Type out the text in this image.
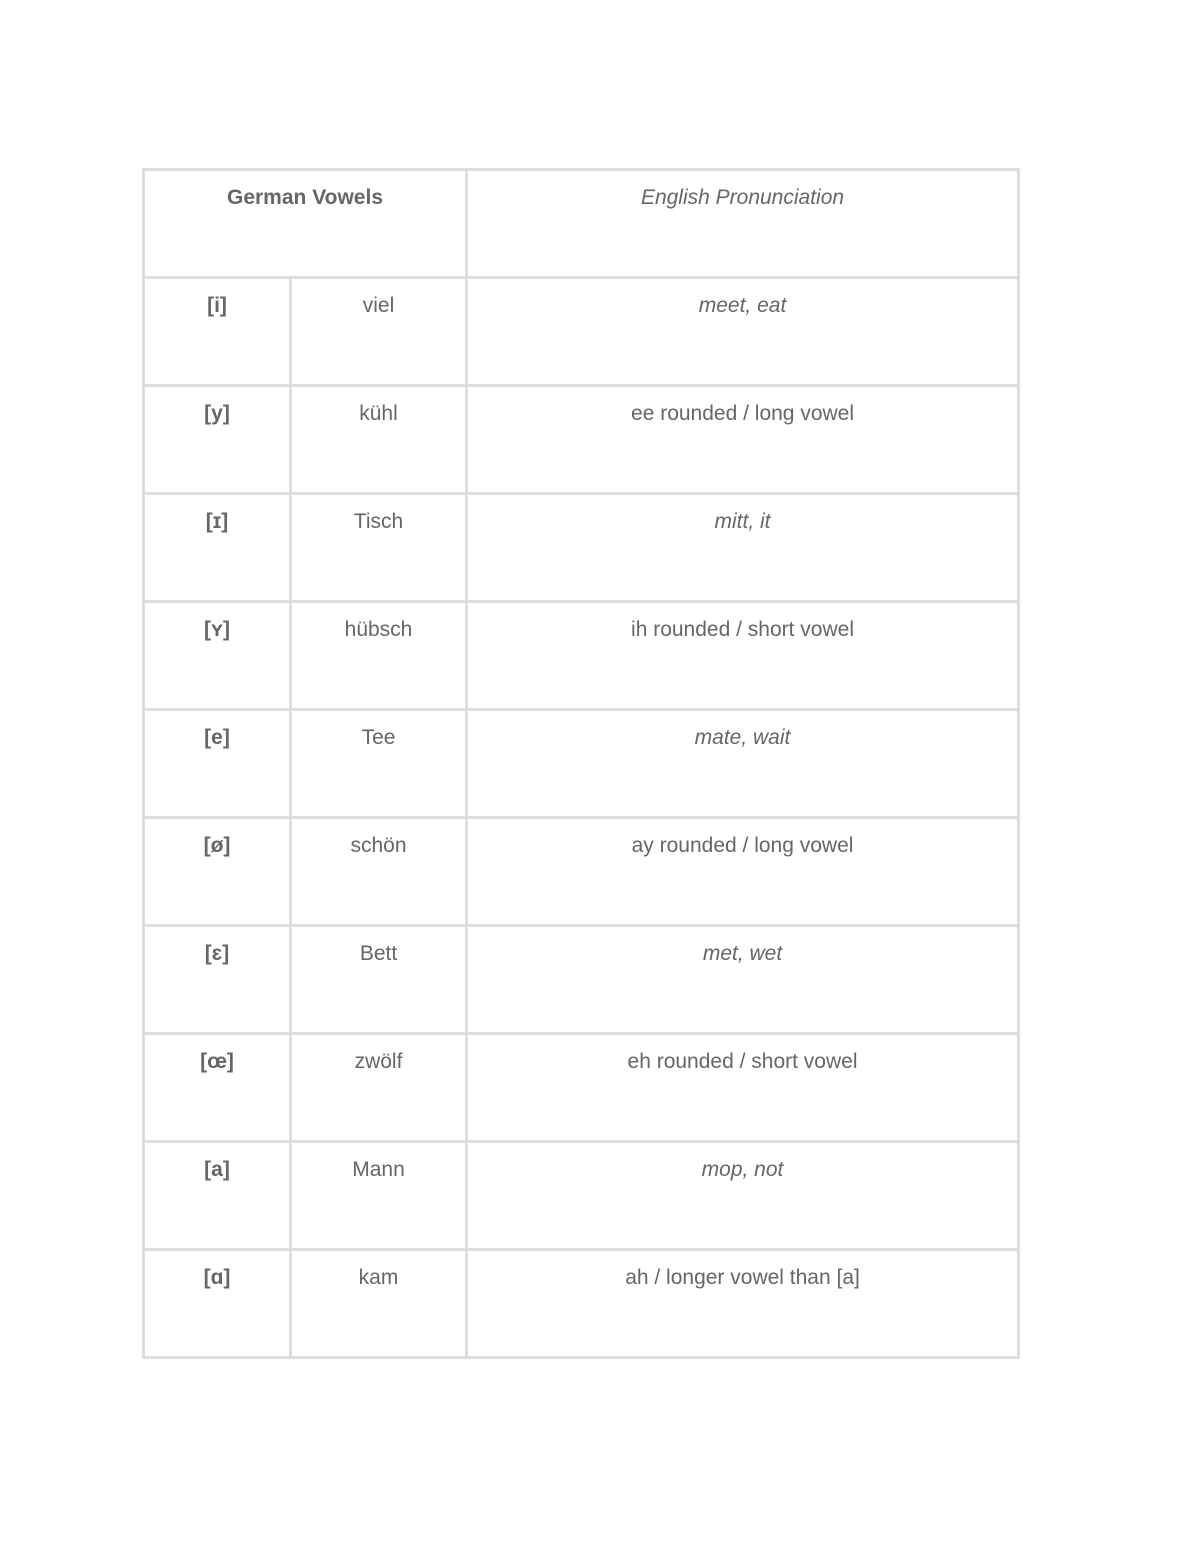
German Vowels		English Pronunciation
[i]	viel	meet, eat
[y]	kühl	ee rounded / long vowel
[ɪ]	Tisch	mitt, it
[ʏ]	hübsch	ih rounded / short vowel
[e]	Tee	mate, wait
[ø]	schön	ay rounded / long vowel
[ɛ]	Bett	met, wet
[œ]	zwölf	eh rounded / short vowel
[a]	Mann	mop, not
[ɑ]	kam	ah / longer vowel than [a]
